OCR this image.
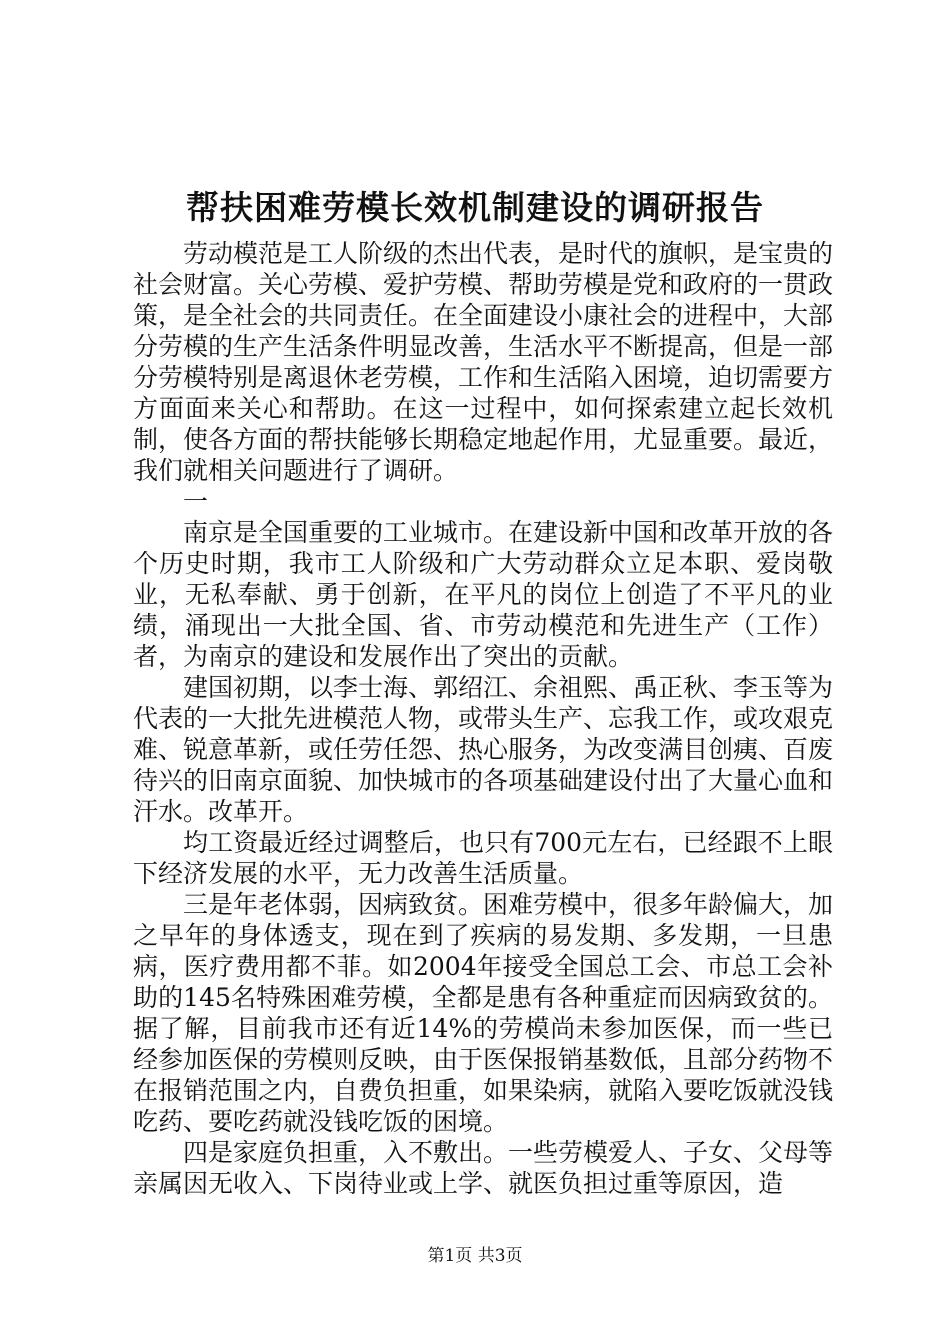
帮扶困难劳模长效机制建设的调研报告

劳动模范是工人阶级的杰出代表，是时代的旗帜，是宝贵的社会财富。关心劳模、爱护劳模、帮助劳模是党和政府的一贯政策，是全社会的共同责任。在全面建设小康社会的进程中，大部分劳模的生产生活条件明显改善，生活水平不断提高，但是一部分劳模特别是离退休老劳模，工作和生活陷入困境，迫切需要方方面面来关心和帮助。在这一过程中，如何探索建立起长效机制，使各方面的帮扶能够长期稳定地起作用，尤显重要。最近，我们就相关问题进行了调研。

一

南京是全国重要的工业城市。在建设新中国和改革开放的各个历史时期，我市工人阶级和广大劳动群众立足本职、爱岗敬业，无私奉献、勇于创新，在平凡的岗位上创造了不平凡的业绩，涌现出一大批全国、省、市劳动模范和先进生产（工作）者，为南京的建设和发展作出了突出的贡献。

建国初期，以李士海、郭绍江、余祖熙、禹正秋、李玉等为代表的一大批先进模范人物，或带头生产、忘我工作，或攻艰克难、锐意革新，或任劳任怨、热心服务，为改变满目创痍、百废待兴的旧南京面貌、加快城市的各项基础建设付出了大量心血和汗水。改革开。

均工资最近经过调整后，也只有700元左右，已经跟不上眼下经济发展的水平，无力改善生活质量。

三是年老体弱，因病致贫。困难劳模中，很多年龄偏大，加之早年的身体透支，现在到了疾病的易发期、多发期，一旦患病，医疗费用都不菲。如2004年接受全国总工会、市总工会补助的145名特殊困难劳模，全都是患有各种重症而因病致贫的。据了解，目前我市还有近14%的劳模尚未参加医保，而一些已经参加医保的劳模则反映，由于医保报销基数低，且部分药物不在报销范围之内，自费负担重，如果染病，就陷入要吃饭就没钱吃药、要吃药就没钱吃饭的困境。

四是家庭负担重，入不敷出。一些劳模爱人、子女、父母等亲属因无收入、下岗待业或上学、就医负担过重等原因，造

第1页 共3页
